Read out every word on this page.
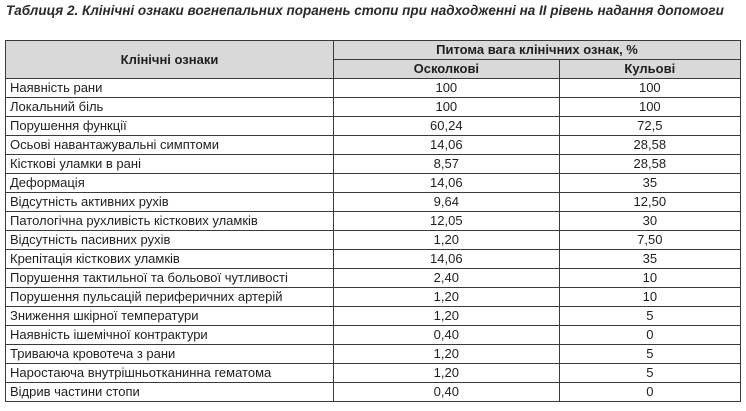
Таблиця 2. Клінічні ознаки вогнепальних поранень стопи при надходженні на ІІ рівень надання допомоги
Клінічні ознаки	Питома вага клінічних ознак, %	
	Осколкові	Кульові
Наявність рани	100	100
Локальний біль	100	100
Порушення функції	60,24	72,5
Осьові навантажувальні симптоми	14,06	28,58
Кісткові уламки в рані	8,57	28,58
Деформація	14,06	35
Відсутність активних рухів	9,64	12,50
Патологічна рухливість кісткових уламків	12,05	30
Відсутність пасивних рухів	1,20	7,50
Крепітація кісткових уламків	14,06	35
Порушення тактильної та больової чутливості	2,40	10
Порушення пульсацій периферичних артерій	1,20	10
Зниження шкірної температури	1,20	5
Наявність ішемічної контрактури	0,40	0
Триваюча кровотеча з рани	1,20	5
Наростаюча внутрішньотканинна гематома	1,20	5
Відрив частини стопи	0,40	0
